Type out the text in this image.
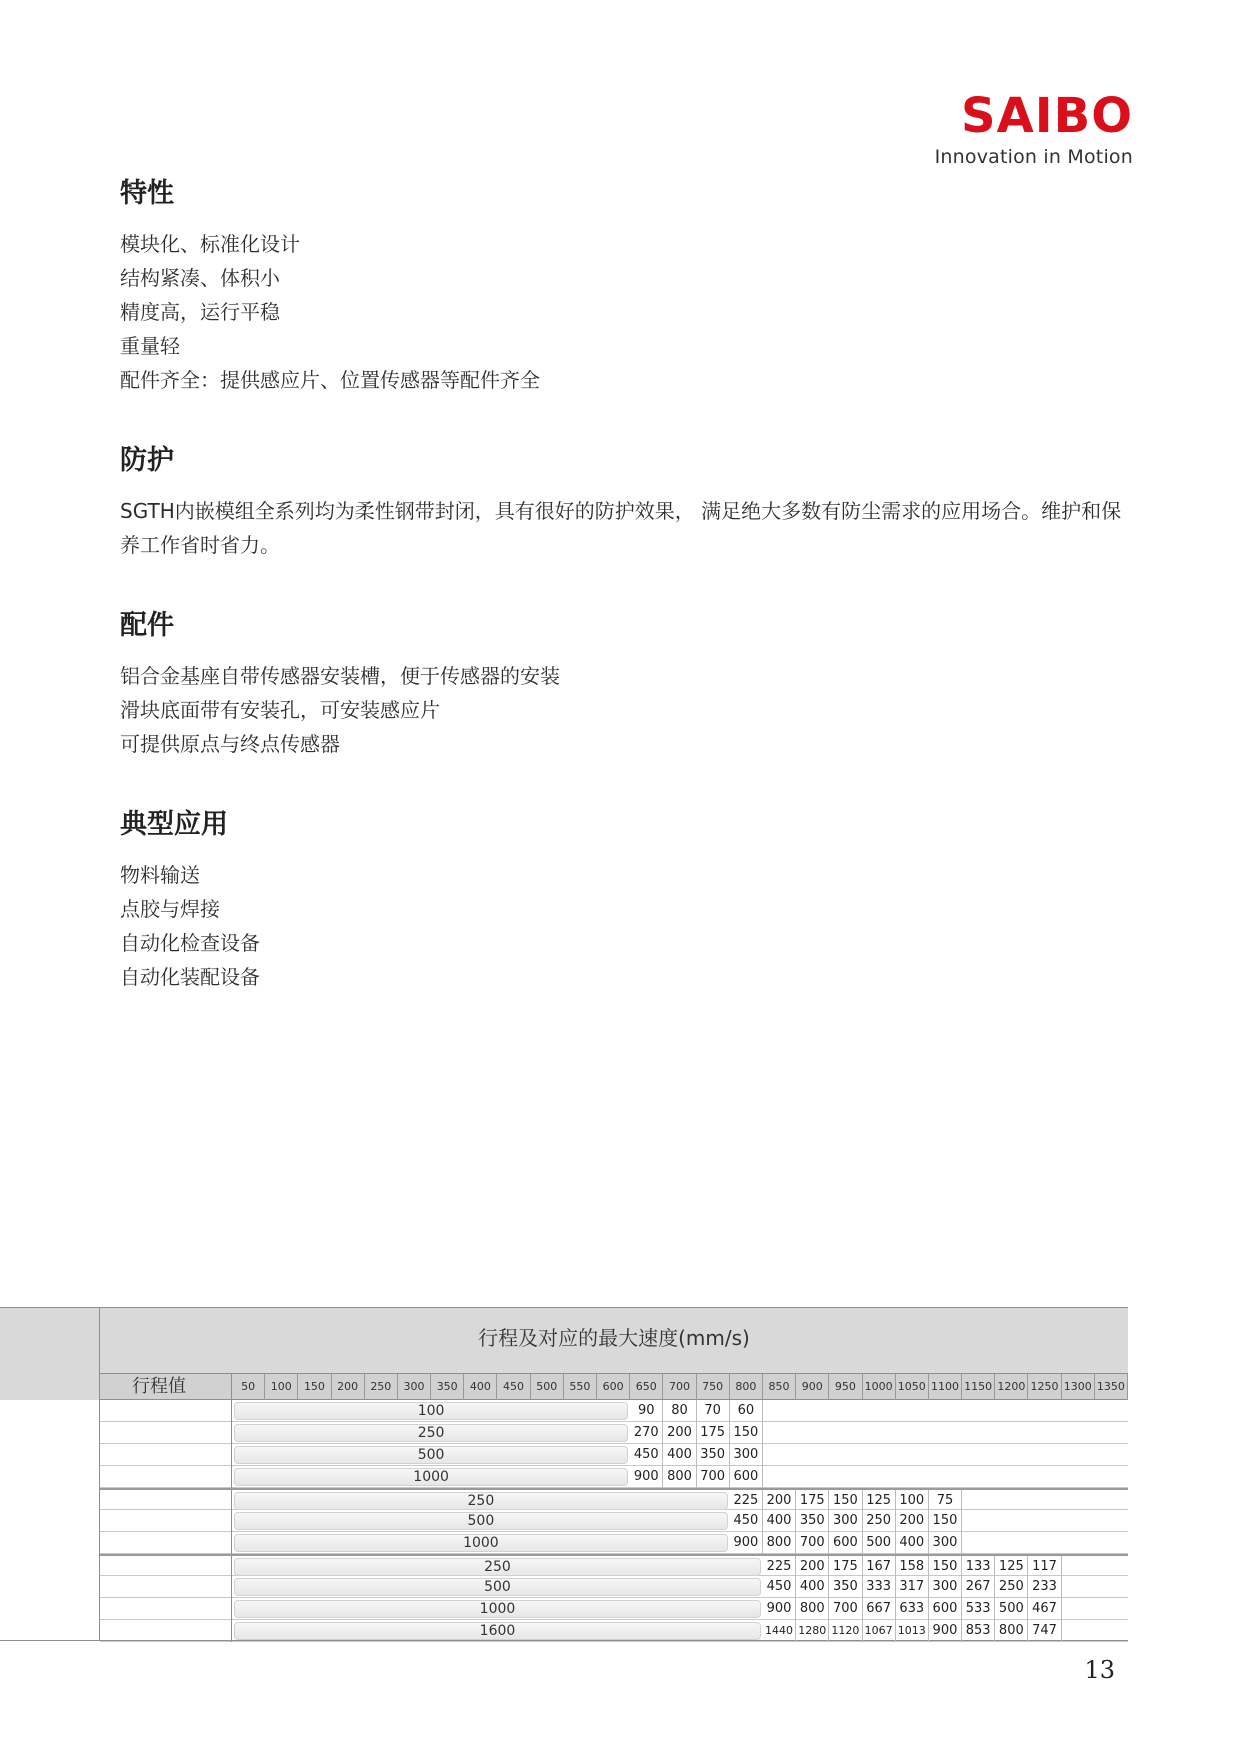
SAIBO
Innovation in Motion
特性

模块化、标准化设计

结构紧凑、体积小

精度高，运行平稳

重量轻

配件齐全：提供感应片、位置传感器等配件齐全

防护

SGTH内嵌模组全系列均为柔性钢带封闭，具有很好的防护效果， 满足绝大多数有防尘需求的应用场合。维护和保养工作省时省力。

配件

铝合金基座自带传感器安装槽，便于传感器的安装

滑块底面带有安装孔，可安装感应片

可提供原点与终点传感器

典型应用

物料输送

点胶与焊接

自动化检查设备

自动化装配设备

行程及对应的最大速度(mm/s)
行程值	50	100	150	200	250	300	350	400	450	500	550	600	650	700	750	800	850	900	950 1000 1050 1100 1150 1200 1250 1300 1350
100	90	80	70	60
250	270 200 175 150
500	450 400 350 300
1000	900 800 700 600
250	225 200 175 150 125 100 75
500	450 400 350 300 250 200 150
1000	900 800 700 600 500 400 300
250	225 200 175 167 158 150 133 125 117
500	450 400 350 333 317 300 267 250 233
1000	900 800 700 667 633 600 533 500 467
1600	1440 1280 1120 1067 1013 900 853 800 747
13
